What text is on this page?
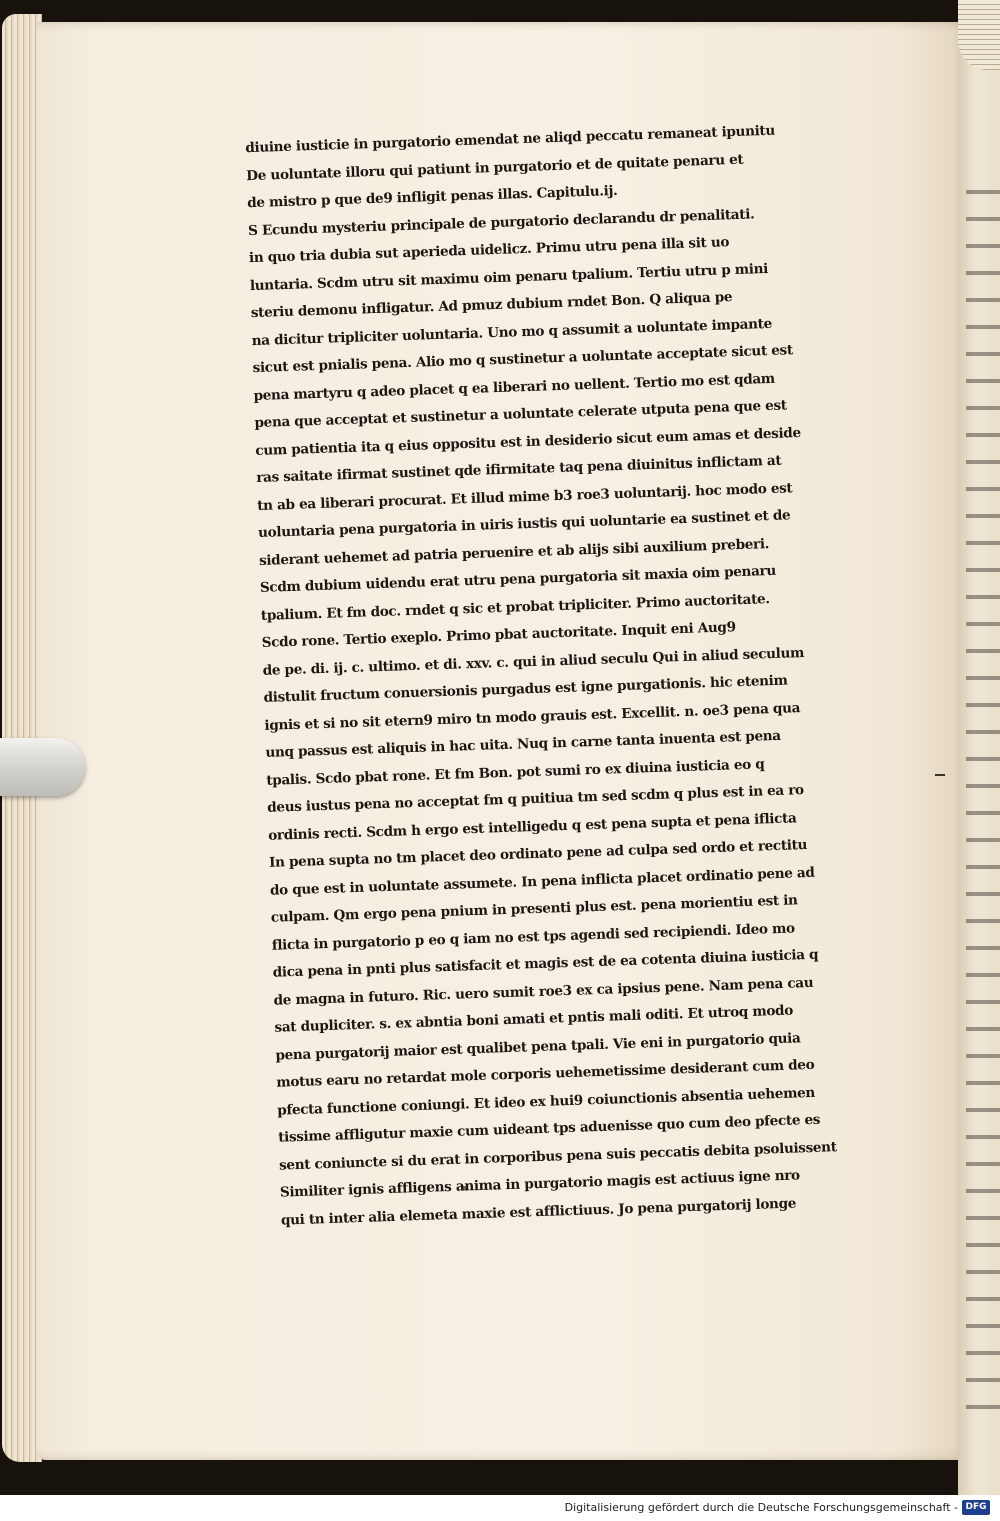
diuine iusticie in purgatorio emendat ne aliqd peccatu remaneat ipunitu
De uoluntate illoru qui patiunt in purgatorio et de quitate penaru et
de mistro p que de9 infligit penas illas. Capitulu.ij.
S Ecundu mysteriu principale de purgatorio declarandu dr penalitati.
in quo tria dubia sut aperieda uidelicz. Primu utru pena illa sit uo
luntaria. Scdm utru sit maximu oim penaru tpalium. Tertiu utru p mini
steriu demonu infligatur. Ad pmuz dubium rndet Bon. Q aliqua pe
na dicitur tripliciter uoluntaria. Uno mo q assumit a uoluntate impante
sicut est pnialis pena. Alio mo q sustinetur a uoluntate acceptate sicut est
pena martyru q adeo placet q ea liberari no uellent. Tertio mo est qdam
pena que acceptat et sustinetur a uoluntate celerate utputa pena que est
cum patientia ita q eius oppositu est in desiderio sicut eum amas et deside
ras saitate ifirmat sustinet qde ifirmitate taq pena diuinitus inflictam at
tn ab ea liberari procurat. Et illud mime b3 roe3 uoluntarij. hoc modo est
uoluntaria pena purgatoria in uiris iustis qui uoluntarie ea sustinet et de
siderant uehemet ad patria peruenire et ab alijs sibi auxilium preberi.
Scdm dubium uidendu erat utru pena purgatoria sit maxia oim penaru
tpalium. Et fm doc. rndet q sic et probat tripliciter. Primo auctoritate.
Scdo rone. Tertio exeplo. Primo pbat auctoritate. Inquit eni Aug9
de pe. di. ij. c. ultimo. et di. xxv. c. qui in aliud seculu Qui in aliud seculum
distulit fructum conuersionis purgadus est igne purgationis. hic etenim
ignis et si no sit etern9 miro tn modo grauis est. Excellit. n. oe3 pena qua
unq passus est aliquis in hac uita. Nuq in carne tanta inuenta est pena
tpalis. Scdo pbat rone. Et fm Bon. pot sumi ro ex diuina iusticia eo q
deus iustus pena no acceptat fm q puitiua tm sed scdm q plus est in ea ro
ordinis recti. Scdm h ergo est intelligedu q est pena supta et pena iflicta
In pena supta no tm placet deo ordinato pene ad culpa sed ordo et rectitu
do que est in uoluntate assumete. In pena inflicta placet ordinatio pene ad
culpam. Qm ergo pena pnium in presenti plus est. pena morientiu est in
flicta in purgatorio p eo q iam no est tps agendi sed recipiendi. Ideo mo
dica pena in pnti plus satisfacit et magis est de ea cotenta diuina iusticia q
de magna in futuro. Ric. uero sumit roe3 ex ca ipsius pene. Nam pena cau
sat dupliciter. s. ex abntia boni amati et pntis mali oditi. Et utroq modo
pena purgatorij maior est qualibet pena tpali. Vie eni in purgatorio quia
motus earu no retardat mole corporis uehemetissime desiderant cum deo
pfecta functione coniungi. Et ideo ex hui9 coiunctionis absentia uehemen
tissime affligutur maxie cum uideant tps aduenisse quo cum deo pfecte es
sent coniuncte si du erat in corporibus pena suis peccatis debita psoluissent
Similiter ignis affligens anima in purgatorio magis est actiuus igne nro
qui tn inter alia elemeta maxie est afflictiuus. Jo pena purgatorij longe
Digitalisierung gefördert durch die Deutsche Forschungsgemeinschaft - DFG
